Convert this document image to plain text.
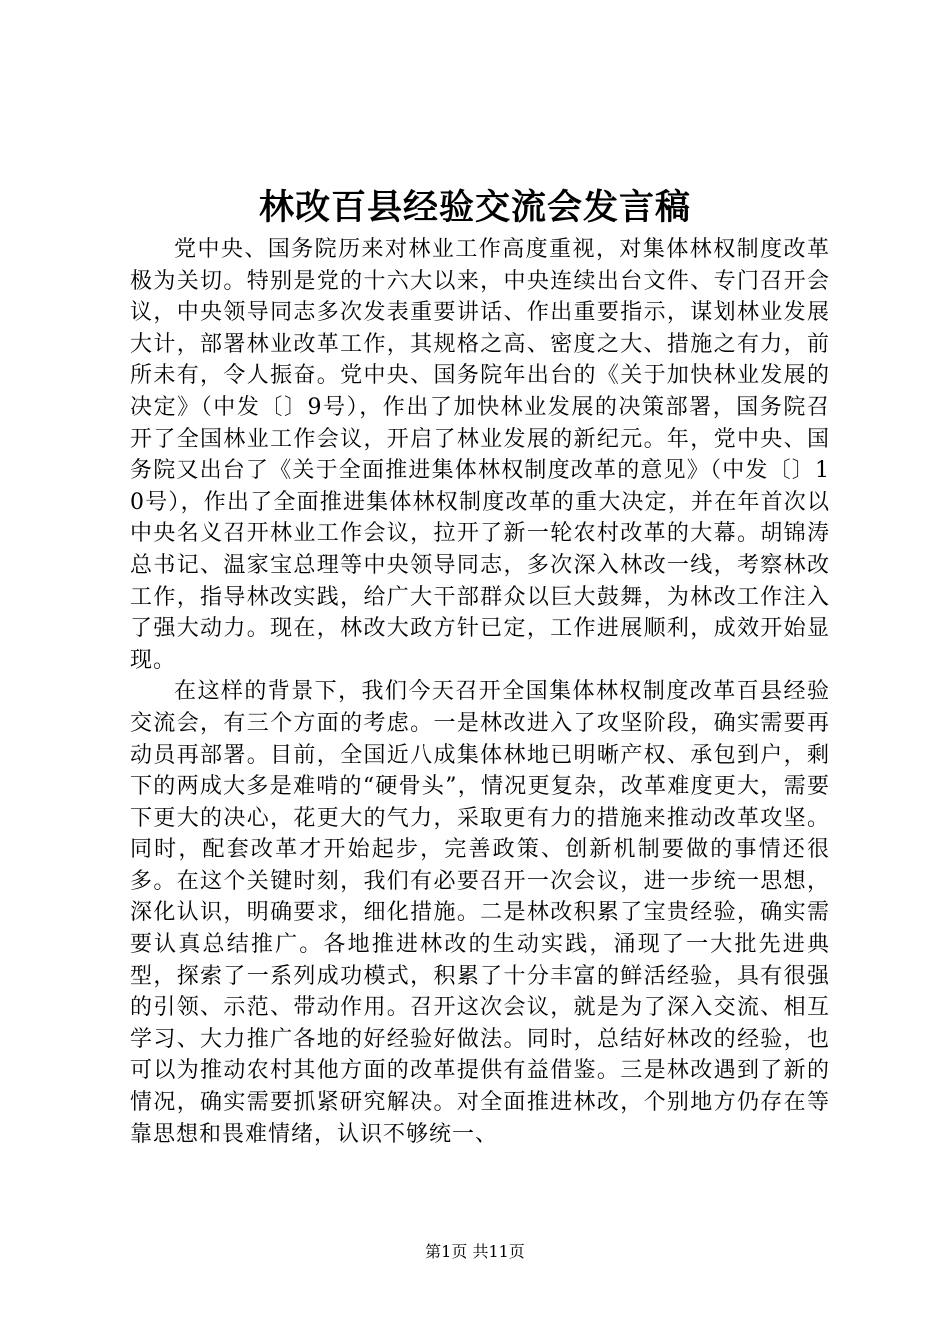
林改百县经验交流会发言稿

党中央、国务院历来对林业工作高度重视，对集体林权制度改革极为关切。特别是党的十六大以来，中央连续出台文件、专门召开会议，中央领导同志多次发表重要讲话、作出重要指示，谋划林业发展大计，部署林业改革工作，其规格之高、密度之大、措施之有力，前所未有，令人振奋。党中央、国务院年出台的《关于加快林业发展的决定》（中发〔〕9号），作出了加快林业发展的决策部署，国务院召开了全国林业工作会议，开启了林业发展的新纪元。年，党中央、国务院又出台了《关于全面推进集体林权制度改革的意见》（中发〔〕10号），作出了全面推进集体林权制度改革的重大决定，并在年首次以中央名义召开林业工作会议，拉开了新一轮农村改革的大幕。胡锦涛总书记、温家宝总理等中央领导同志，多次深入林改一线，考察林改工作，指导林改实践，给广大干部群众以巨大鼓舞，为林改工作注入了强大动力。现在，林改大政方针已定，工作进展顺利，成效开始显现。

在这样的背景下，我们今天召开全国集体林权制度改革百县经验交流会，有三个方面的考虑。一是林改进入了攻坚阶段，确实需要再动员再部署。目前，全国近八成集体林地已明晰产权、承包到户，剩下的两成大多是难啃的“硬骨头”，情况更复杂，改革难度更大，需要下更大的决心，花更大的气力，采取更有力的措施来推动改革攻坚。同时，配套改革才开始起步，完善政策、创新机制要做的事情还很多。在这个关键时刻，我们有必要召开一次会议，进一步统一思想，深化认识，明确要求，细化措施。二是林改积累了宝贵经验，确实需要认真总结推广。各地推进林改的生动实践，涌现了一大批先进典型，探索了一系列成功模式，积累了十分丰富的鲜活经验，具有很强的引领、示范、带动作用。召开这次会议，就是为了深入交流、相互学习、大力推广各地的好经验好做法。同时，总结好林改的经验，也可以为推动农村其他方面的改革提供有益借鉴。三是林改遇到了新的情况，确实需要抓紧研究解决。对全面推进林改，个别地方仍存在等靠思想和畏难情绪，认识不够统一、

第1页 共11页
